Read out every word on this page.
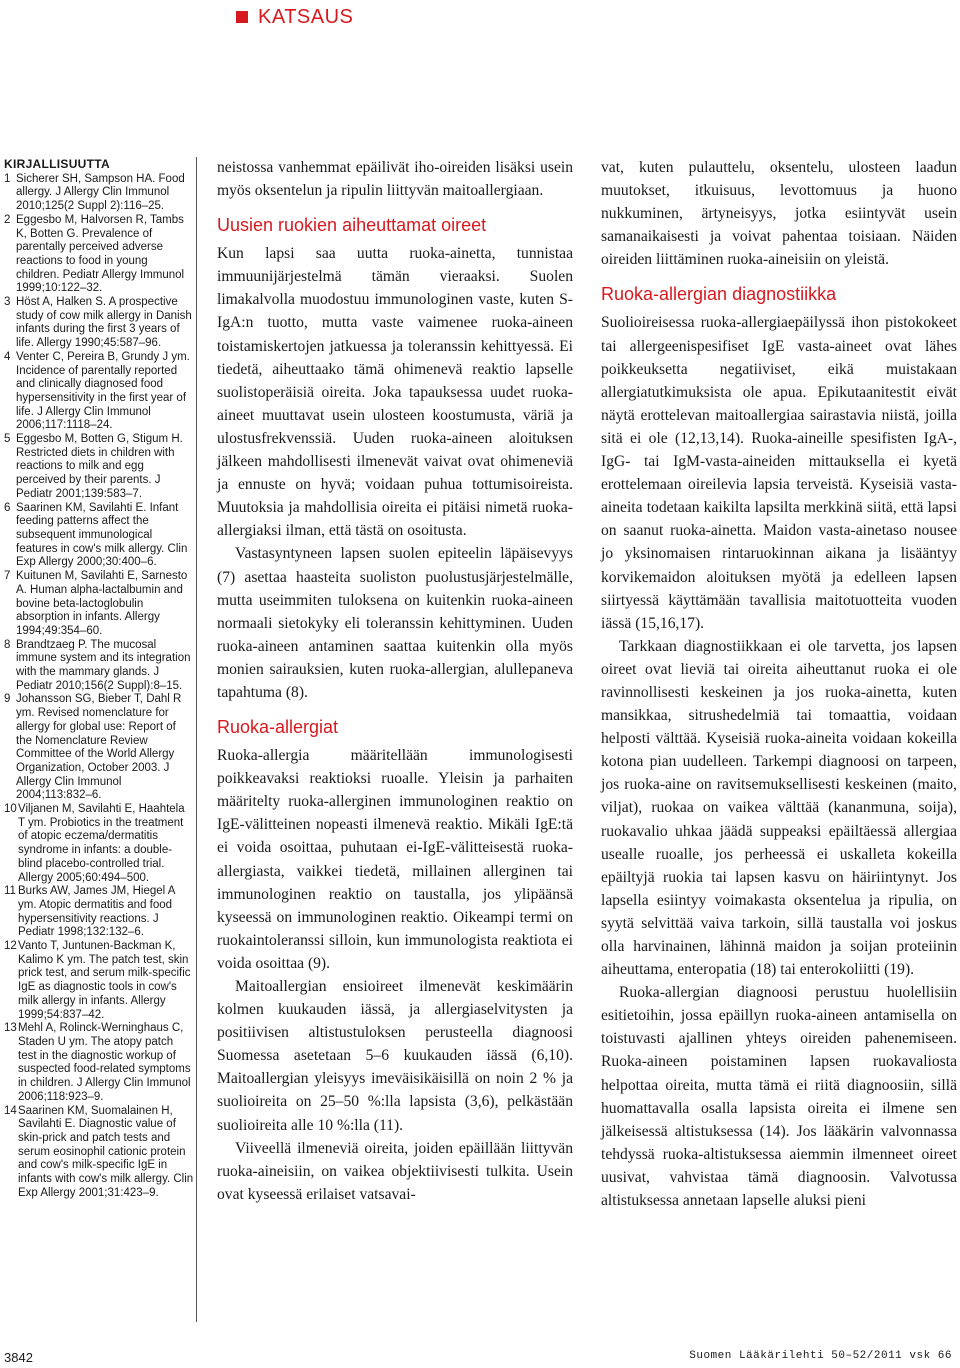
KATSAUS
KIRJALLISUUTTA
1 Sicherer SH, Sampson HA. Food allergy. J Allergy Clin Immunol 2010;125(2 Suppl 2):116–25.
2 Eggesbo M, Halvorsen R, Tambs K, Botten G. Prevalence of parentally perceived adverse reactions to food in young children. Pediatr Allergy Immunol 1999;10:122–32.
3 Höst A, Halken S. A prospective study of cow milk allergy in Danish infants during the first 3 years of life. Allergy 1990;45:587–96.
4 Venter C, Pereira B, Grundy J ym. Incidence of parentally reported and clinically diagnosed food hypersensitivity in the first year of life. J Allergy Clin Immunol 2006;117:1118–24.
5 Eggesbo M, Botten G, Stigum H. Restricted diets in children with reactions to milk and egg perceived by their parents. J Pediatr 2001;139:583–7.
6 Saarinen KM, Savilahti E. Infant feeding patterns affect the subsequent immunological features in cow's milk allergy. Clin Exp Allergy 2000;30:400–6.
7 Kuitunen M, Savilahti E, Sarnesto A. Human alpha-lactalbumin and bovine beta-lactoglobulin absorption in infants. Allergy 1994;49:354–60.
8 Brandtzaeg P. The mucosal immune system and its integration with the mammary glands. J Pediatr 2010;156(2 Suppl):8–15.
9 Johansson SG, Bieber T, Dahl R ym. Revised nomenclature for allergy for global use: Report of the Nomenclature Review Committee of the World Allergy Organization, October 2003. J Allergy Clin Immunol 2004;113:832–6.
10 Viljanen M, Savilahti E, Haahtela T ym. Probiotics in the treatment of atopic eczema/dermatitis syndrome in infants: a double-blind placebo-controlled trial. Allergy 2005;60:494–500.
11 Burks AW, James JM, Hiegel A ym. Atopic dermatitis and food hypersensitivity reactions. J Pediatr 1998;132:132–6.
12 Vanto T, Juntunen-Backman K, Kalimo K ym. The patch test, skin prick test, and serum milk-specific IgE as diagnostic tools in cow's milk allergy in infants. Allergy 1999;54:837–42.
13 Mehl A, Rolinck-Werninghaus C, Staden U ym. The atopy patch test in the diagnostic workup of suspected food-related symptoms in children. J Allergy Clin Immunol 2006;118:923–9.
14 Saarinen KM, Suomalainen H, Savilahti E. Diagnostic value of skin-prick and patch tests and serum eosinophil cationic protein and cow's milk-specific IgE in infants with cow's milk allergy. Clin Exp Allergy 2001;31:423–9.

neistossa vanhemmat epäilivät iho-oireiden lisäksi usein myös oksentelun ja ripulin liittyvän maitoallergiaan.

Uusien ruokien aiheuttamat oireet

Kun lapsi saa uutta ruoka-ainetta, tunnistaa immuunijärjestelmä tämän vieraaksi. Suolen limakalvolla muodostuu immunologinen vaste, kuten S-IgA:n tuotto, mutta vaste vaimenee ruoka-aineen toistamiskertojen jatkuessa ja toleranssin kehittyessä. Ei tiedetä, aiheuttaako tämä ohimenevä reaktio lapselle suolistoperäisiä oireita. Joka tapauksessa uudet ruoka-aineet muuttavat usein ulosteen koostumusta, väriä ja ulostusfrekvenssiä. Uuden ruoka-aineen aloituksen jälkeen mahdollisesti ilmenevät vaivat ovat ohimeneviä ja ennuste on hyvä; voidaan puhua tottumisoireista. Muutoksia ja mahdollisia oireita ei pitäisi nimetä ruoka-allergiaksi ilman, että tästä on osoitusta.

Vastasyntyneen lapsen suolen epiteelin läpäisevyys (7) asettaa haasteita suoliston puolustusjärjestelmälle, mutta useimmiten tuloksena on kuitenkin ruoka-aineen normaali sietokyky eli toleranssin kehittyminen. Uuden ruoka-aineen antaminen saattaa kuitenkin olla myös monien sairauksien, kuten ruoka-allergian, alullepaneva tapahtuma (8).

Ruoka-allergiat

Ruoka-allergia määritellään immunologisesti poikkeavaksi reaktioksi ruoalle. Yleisin ja parhaiten määritelty ruoka-allerginen immunologinen reaktio on IgE-välitteinen nopeasti ilmenevä reaktio. Mikäli IgE:tä ei voida osoittaa, puhutaan ei-IgE-välitteisestä ruoka-allergiasta, vaikkei tiedetä, millainen allerginen tai immunologinen reaktio on taustalla, jos ylipäänsä kyseessä on immunologinen reaktio. Oikeampi termi on ruokaintoleranssi silloin, kun immunologista reaktiota ei voida osoittaa (9).

Maitoallergian ensioireet ilmenevät keskimäärin kolmen kuukauden iässä, ja allergiaselvitysten ja positiivisen altistustuloksen perusteella diagnoosi Suomessa asetetaan 5–6 kuukauden iässä (6,10). Maitoallergian yleisyys imeväisikäisillä on noin 2 % ja suolioireita on 25–50 %:lla lapsista (3,6), pelkästään suolioireita alle 10 %:lla (11).

Viiveellä ilmeneviä oireita, joiden epäillään liittyvän ruoka-aineisiin, on vaikea objektiivisesti tulkita. Usein ovat kyseessä erilaiset vatsavai-

vat, kuten pulauttelu, oksentelu, ulosteen laadun muutokset, itkuisuus, levottomuus ja huono nukkuminen, ärtyneisyys, jotka esiintyvät usein samanaikaisesti ja voivat pahentaa toisiaan. Näiden oireiden liittäminen ruoka-aineisiin on yleistä.

Ruoka-allergian diagnostiikka

Suolioireisessa ruoka-allergiaepäilyssä ihon pistokokeet tai allergeenispesifiset IgE vasta-aineet ovat lähes poikkeuksetta negatiiviset, eikä muistakaan allergiatutkimuksista ole apua. Epikutaanitestit eivät näytä erottelevan maitoallergiaa sairastavia niistä, joilla sitä ei ole (12,13,14). Ruoka-aineille spesifisten IgA-, IgG- tai IgM-vasta-aineiden mittauksella ei kyetä erottelemaan oireilevia lapsia terveistä. Kyseisiä vasta-aineita todetaan kaikilta lapsilta merkkinä siitä, että lapsi on saanut ruoka-ainetta. Maidon vasta-ainetaso nousee jo yksinomaisen rintaruokinnan aikana ja lisääntyy korvikemaidon aloituksen myötä ja edelleen lapsen siirtyessä käyttämään tavallisia maitotuotteita vuoden iässä (15,16,17).

Tarkkaan diagnostiikkaan ei ole tarvetta, jos lapsen oireet ovat lieviä tai oireita aiheuttanut ruoka ei ole ravinnollisesti keskeinen ja jos ruoka-ainetta, kuten mansikkaa, sitrushedelmiä tai tomaattia, voidaan helposti välttää. Kyseisiä ruoka-aineita voidaan kokeilla kotona pian uudelleen. Tarkempi diagnoosi on tarpeen, jos ruoka-aine on ravitsemuksellisesti keskeinen (maito, viljat), ruokaa on vaikea välttää (kananmuna, soija), ruokavalio uhkaa jäädä suppeaksi epäiltäessä allergiaa usealle ruoalle, jos perheessä ei uskalleta kokeilla epäiltyjä ruokia tai lapsen kasvu on häiriintynyt. Jos lapsella esiintyy voimakasta oksentelua ja ripulia, on syytä selvittää vaiva tarkoin, sillä taustalla voi joskus olla harvinainen, lähinnä maidon ja soijan proteiinin aiheuttama, enteropatia (18) tai enterokoliitti (19).

Ruoka-allergian diagnoosi perustuu huolellisiin esitietoihin, jossa epäillyn ruoka-aineen antamisella on toistuvasti ajallinen yhteys oireiden pahenemiseen. Ruoka-aineen poistaminen lapsen ruokavaliosta helpottaa oireita, mutta tämä ei riitä diagnoosiin, sillä huomattavalla osalla lapsista oireita ei ilmene sen jälkeisessä altistuksessa (14). Jos lääkärin valvonnassa tehdyssä ruoka-altistuksessa aiemmin ilmenneet oireet uusivat, vahvistaa tämä diagnoosin. Valvotussa altistuksessa annetaan lapselle aluksi pieni

3842	Suomen Lääkärilehti 50–52/2011 vsk 66
